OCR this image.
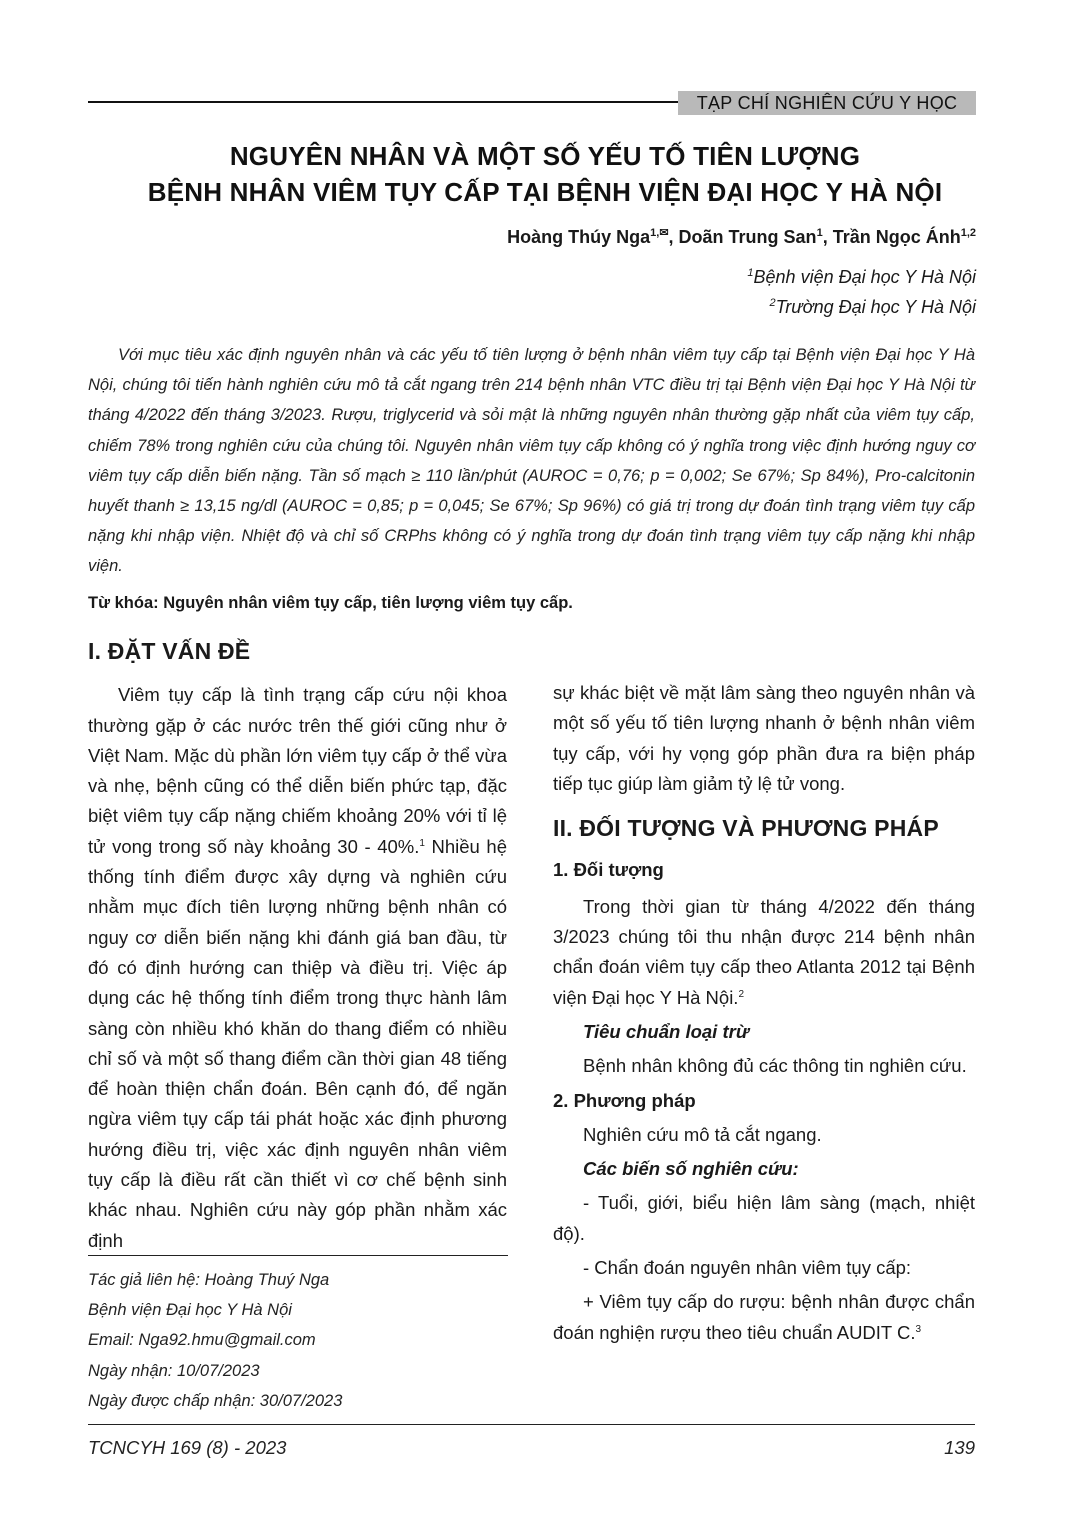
TẠP CHÍ NGHIÊN CỨU Y HỌC
NGUYÊN NHÂN VÀ MỘT SỐ YẾU TỐ TIÊN LƯỢNG
BỆNH NHÂN VIÊM TỤY CẤP TẠI BỆNH VIỆN ĐẠI HỌC Y HÀ NỘI
Hoàng Thúy Nga$^{1,✉}$, Doãn Trung San$^1$, Trần Ngọc Ánh$^{1,2}$
$^1$Bệnh viện Đại học Y Hà Nội
$^2$Trường Đại học Y Hà Nội

Với mục tiêu xác định nguyên nhân và các yếu tố tiên lượng ở bệnh nhân viêm tụy cấp tại Bệnh viện Đại học Y Hà Nội, chúng tôi tiến hành nghiên cứu mô tả cắt ngang trên 214 bệnh nhân VTC điều trị tại Bệnh viện Đại học Y Hà Nội từ tháng 4/2022 đến tháng 3/2023. Rượu, triglycerid và sỏi mật là những nguyên nhân thường gặp nhất của viêm tụy cấp, chiếm 78% trong nghiên cứu của chúng tôi. Nguyên nhân viêm tụy cấp không có ý nghĩa trong việc định hướng nguy cơ viêm tụy cấp diễn biến nặng. Tần số mạch ≥ 110 lần/phút (AUROC = 0,76; p = 0,002; Se 67%; Sp 84%), Pro-calcitonin huyết thanh ≥ 13,15 ng/dl (AUROC = 0,85; p = 0,045; Se 67%; Sp 96%) có giá trị trong dự đoán tình trạng viêm tụy cấp nặng khi nhập viện. Nhiệt độ và chỉ số CRPhs không có ý nghĩa trong dự đoán tình trạng viêm tụy cấp nặng khi nhập viện.

Từ khóa: Nguyên nhân viêm tụy cấp, tiên lượng viêm tụy cấp.
I. ĐẶT VẤN ĐỀ

Viêm tụy cấp là tình trạng cấp cứu nội khoa thường gặp ở các nước trên thế giới cũng như ở Việt Nam. Mặc dù phần lớn viêm tụy cấp ở thể vừa và nhẹ, bệnh cũng có thể diễn biến phức tạp, đặc biệt viêm tụy cấp nặng chiếm khoảng 20% với tỉ lệ tử vong trong số này khoảng 30 - 40%.$^1$ Nhiều hệ thống tính điểm được xây dựng và nghiên cứu nhằm mục đích tiên lượng những bệnh nhân có nguy cơ diễn biến nặng khi đánh giá ban đầu, từ đó có định hướng can thiệp và điều trị. Việc áp dụng các hệ thống tính điểm trong thực hành lâm sàng còn nhiều khó khăn do thang điểm có nhiều chỉ số và một số thang điểm cần thời gian 48 tiếng để hoàn thiện chẩn đoán. Bên cạnh đó, để ngăn ngừa viêm tụy cấp tái phát hoặc xác định phương hướng điều trị, việc xác định nguyên nhân viêm tụy cấp là điều rất cần thiết vì cơ chế bệnh sinh khác nhau. Nghiên cứu này góp phần nhằm xác định

Tác giả liên hệ: Hoàng Thuý Nga
Bệnh viện Đại học Y Hà Nội
Email: Nga92.hmu@gmail.com
Ngày nhận: 10/07/2023
Ngày được chấp nhận: 30/07/2023

sự khác biệt về mặt lâm sàng theo nguyên nhân và một số yếu tố tiên lượng nhanh ở bệnh nhân viêm tụy cấp, với hy vọng góp phần đưa ra biện pháp tiếp tục giúp làm giảm tỷ lệ tử vong.

II. ĐỐI TƯỢNG VÀ PHƯƠNG PHÁP
1. Đối tượng

Trong thời gian từ tháng 4/2022 đến tháng 3/2023 chúng tôi thu nhận được 214 bệnh nhân chẩn đoán viêm tụy cấp theo Atlanta 2012 tại Bệnh viện Đại học Y Hà Nội.$^2$

Tiêu chuẩn loại trừ

Bệnh nhân không đủ các thông tin nghiên cứu.

2. Phương pháp

Nghiên cứu mô tả cắt ngang.

Các biến số nghiên cứu:

- Tuổi, giới, biểu hiện lâm sàng (mạch, nhiệt độ).

- Chẩn đoán nguyên nhân viêm tụy cấp:

+ Viêm tụy cấp do rượu: bệnh nhân được chẩn đoán nghiện rượu theo tiêu chuẩn AUDIT C.$^3$

TCNCYH 169 (8) - 2023	139
